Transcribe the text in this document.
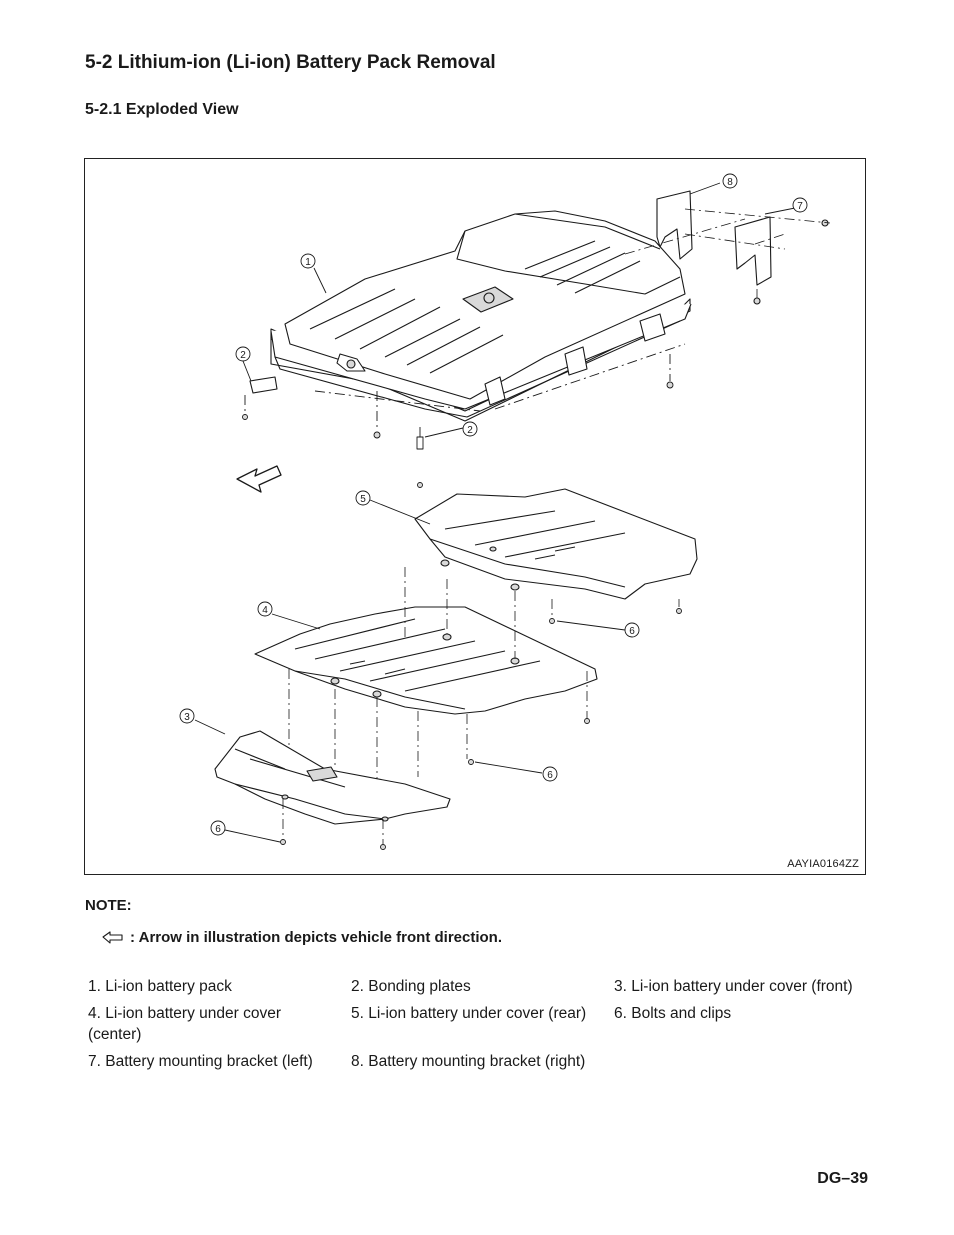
5-2 Lithium-ion (Li-ion) Battery Pack Removal
5-2.1 Exploded View
1
2
2
3
4
5
6
6
6
7
8
AAYIA0164ZZ
NOTE:
: Arrow in illustration depicts vehicle front direction.
1. Li-ion battery pack	2. Bonding plates	3. Li-ion battery under cover (front)
4. Li-ion battery under cover (center)
5. Li-ion battery under cover (rear)	6. Bolts and clips
7. Battery mounting bracket (left)	8. Battery mounting bracket (right)
DG–39
